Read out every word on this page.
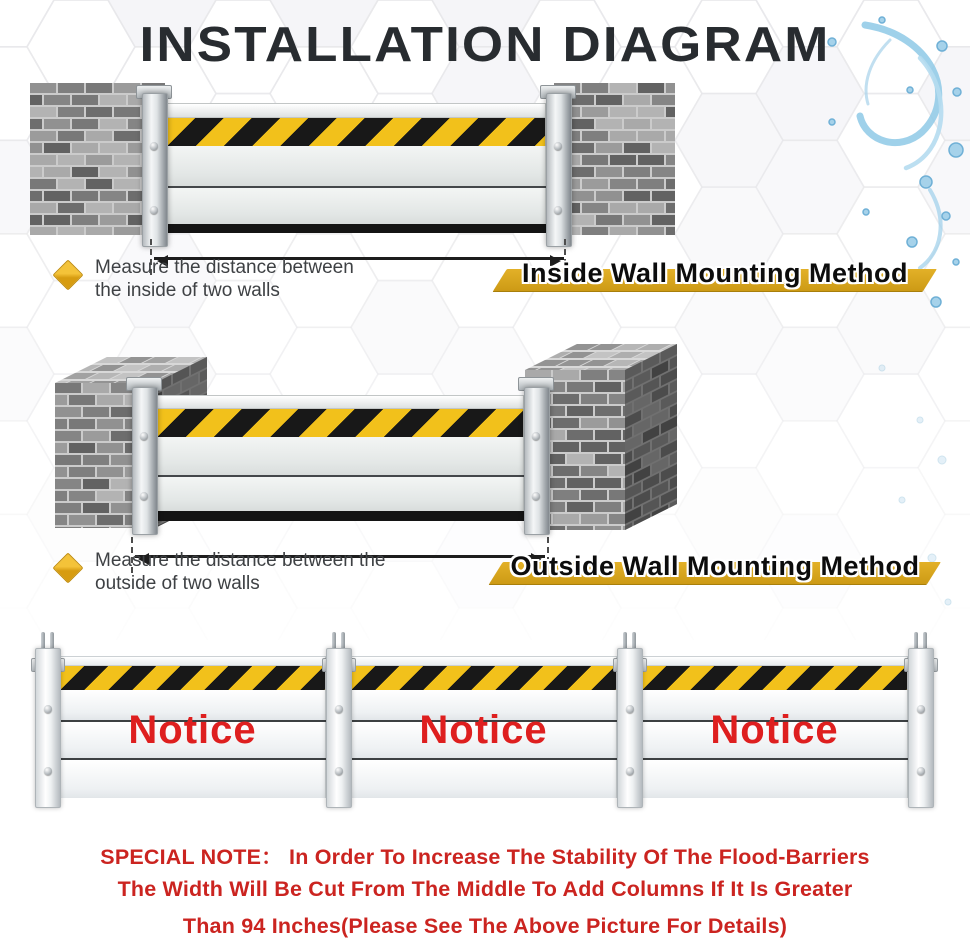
INSTALLATION DIAGRAM
Measure the distance between
the inside of two walls
Inside Wall Mounting Method
Measure the distance between the
outside of two walls
Outside Wall Mounting Method
Notice	Notice	Notice
SPECIAL NOTE： In Order To Increase The Stability Of The Flood-Barriers
The Width Will Be Cut From The Middle To Add Columns If It Is Greater
Than 94 Inches(Please See The Above Picture For Details)
